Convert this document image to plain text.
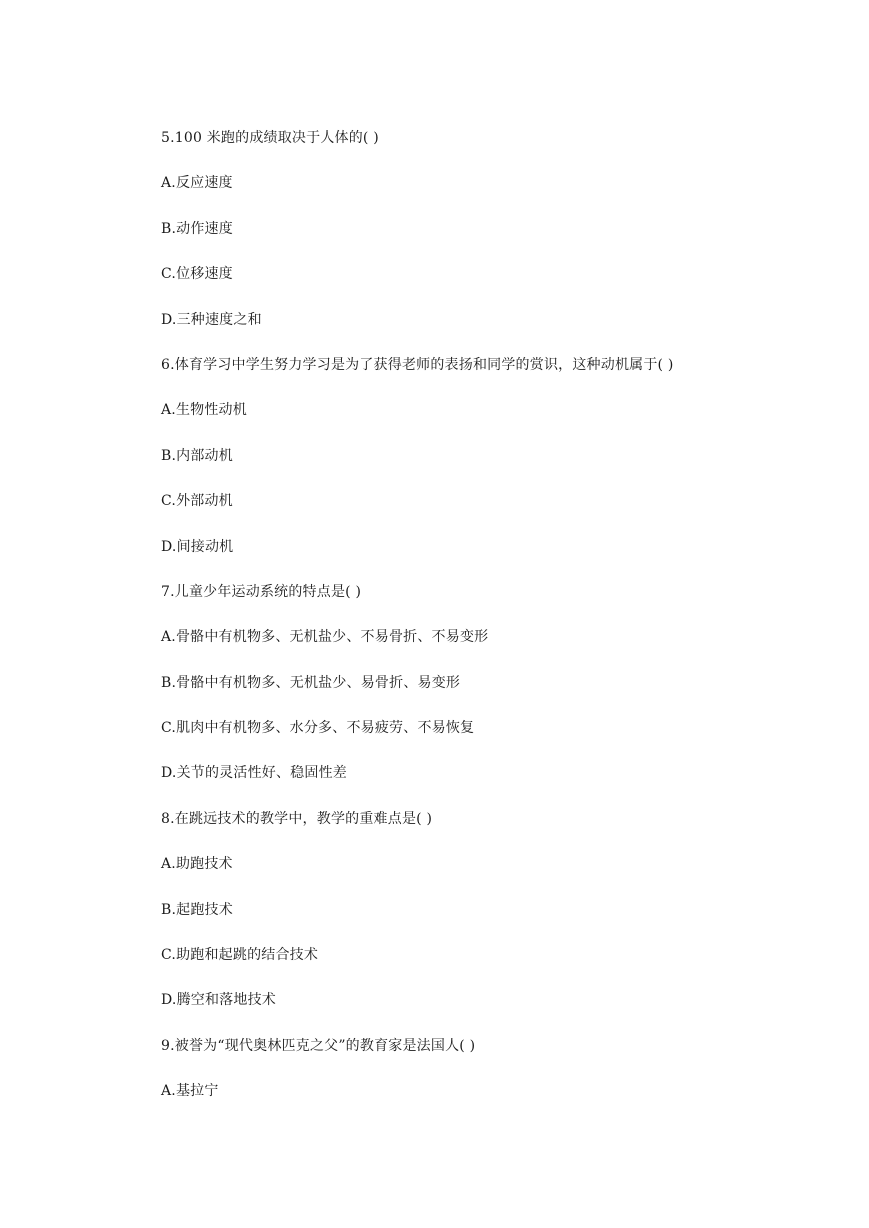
5.100 米跑的成绩取决于人体的( )

A.反应速度

B.动作速度

C.位移速度

D.三种速度之和

6.体育学习中学生努力学习是为了获得老师的表扬和同学的赏识，这种动机属于( )

A.生物性动机

B.内部动机

C.外部动机

D.间接动机

7.儿童少年运动系统的特点是( )

A.骨骼中有机物多、无机盐少、不易骨折、不易变形

B.骨骼中有机物多、无机盐少、易骨折、易变形

C.肌肉中有机物多、水分多、不易疲劳、不易恢复

D.关节的灵活性好、稳固性差

8.在跳远技术的教学中，教学的重难点是( )

A.助跑技术

B.起跑技术

C.助跑和起跳的结合技术

D.腾空和落地技术

9.被誉为“现代奥林匹克之父”的教育家是法国人( )

A.基拉宁
